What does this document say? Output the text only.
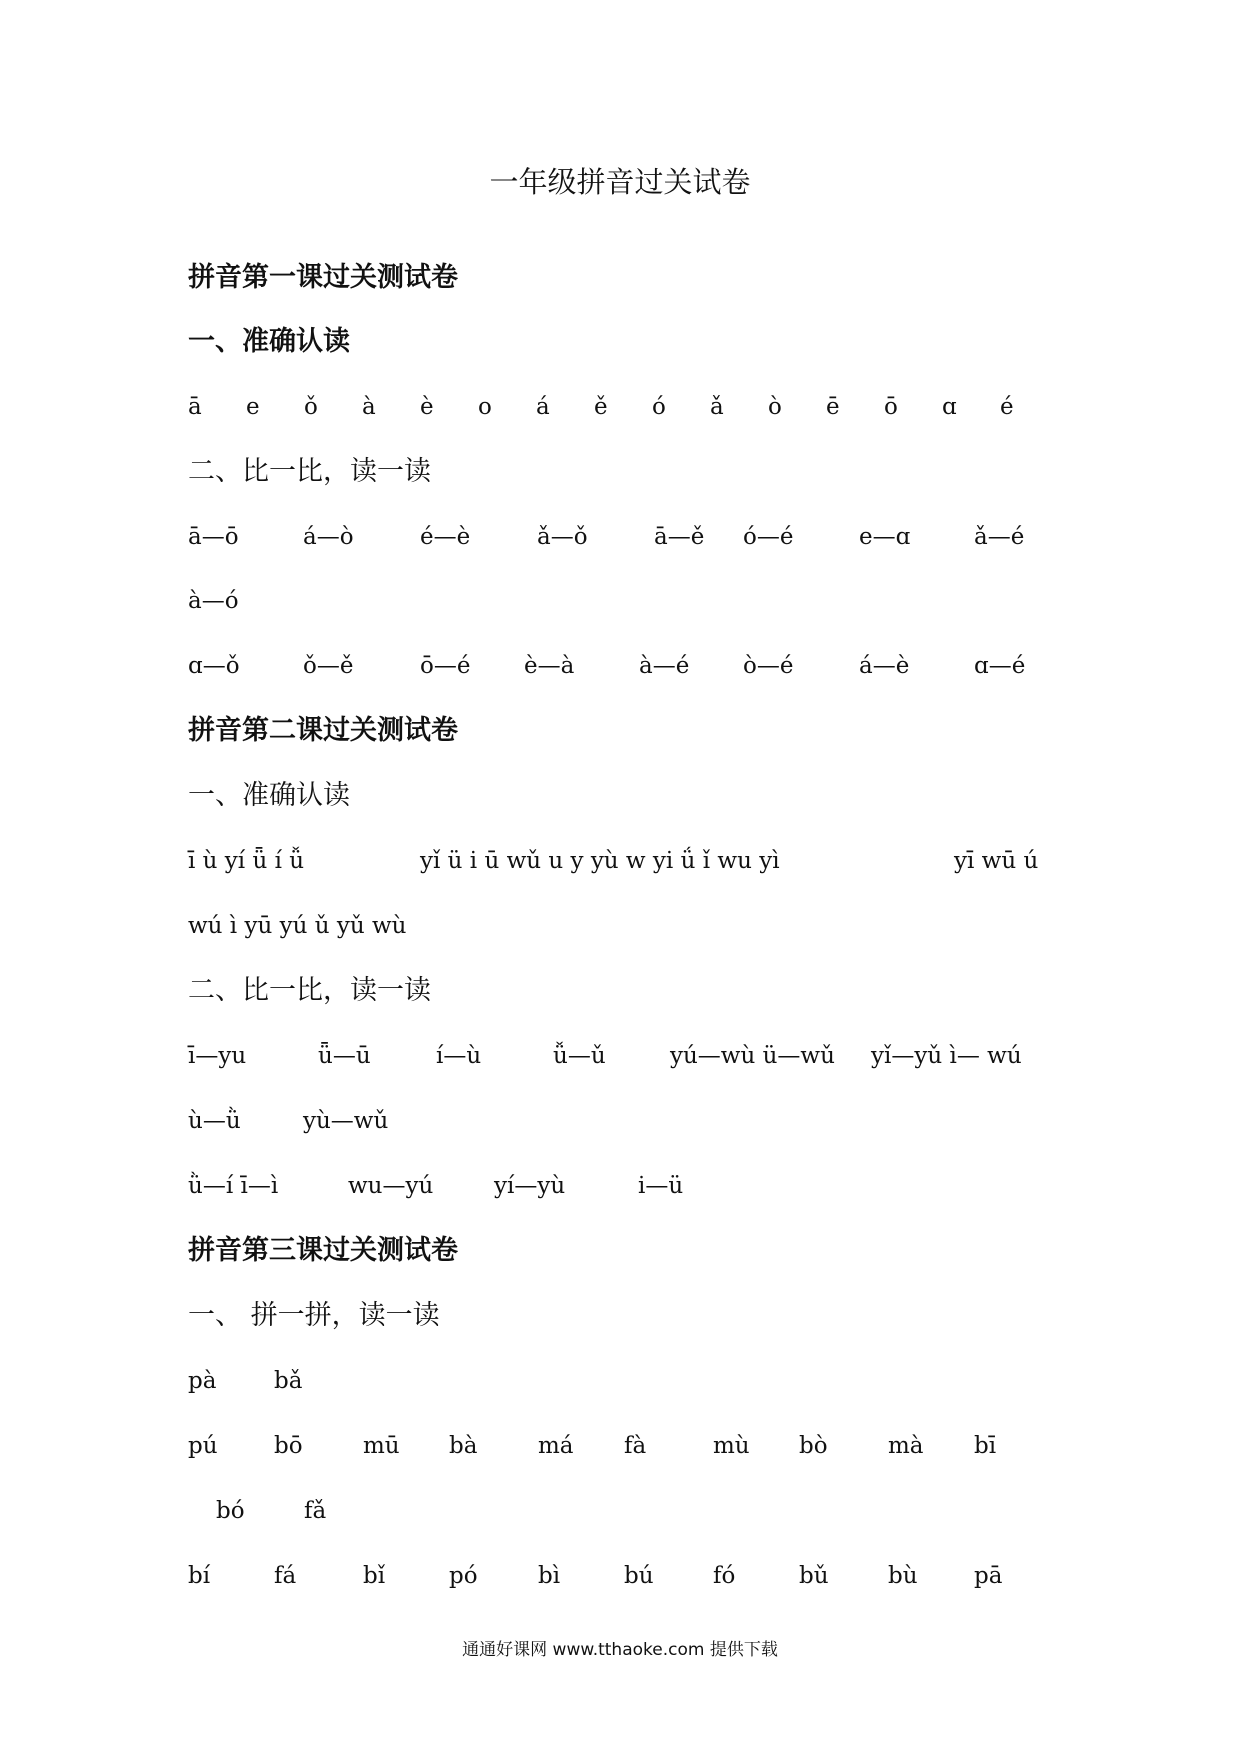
一年级拼音过关试卷
拼音第一课过关测试卷
一、准确认读
ā e ǒ à è o á ě ó ǎ ò ē ō ɑ é
二、比一比，读一读
ā—ō	á—ò	é—è	ǎ—ǒ	ā—ě ó—é	e—ɑ	ǎ—é
à—ó
ɑ—ǒ	ǒ—ě	ō—é è—à	à—é ò—é	á—è	ɑ—é
拼音第二课过关测试卷
一、准确认读
ī ù yí ǖ í ǚ	yǐ ü i ū wǔ u y yù w yi ǘ ǐ wu yì	yī wū ú
wú ì yū yú ǔ yǔ wù
二、比一比，读一读
ī—yu	ǖ—ū	í—ù	ǚ—ǔ	yú—wù ü—wǔ yǐ—yǔ ì— wú
ù—ǜ	yù—wǔ
ǜ—í ī—ì	wu—yú	yí—yù	i—ü
拼音第三课过关测试卷
一、 拼一拼，读一读
pà	bǎ
pú bō	mū bà	má fà	mù bò	mà bī
bó	fǎ
bí	fá	bǐ	pó	bì	bú	fó	bǔ	bù pā
通通好课网 www.tthaoke.com 提供下载
